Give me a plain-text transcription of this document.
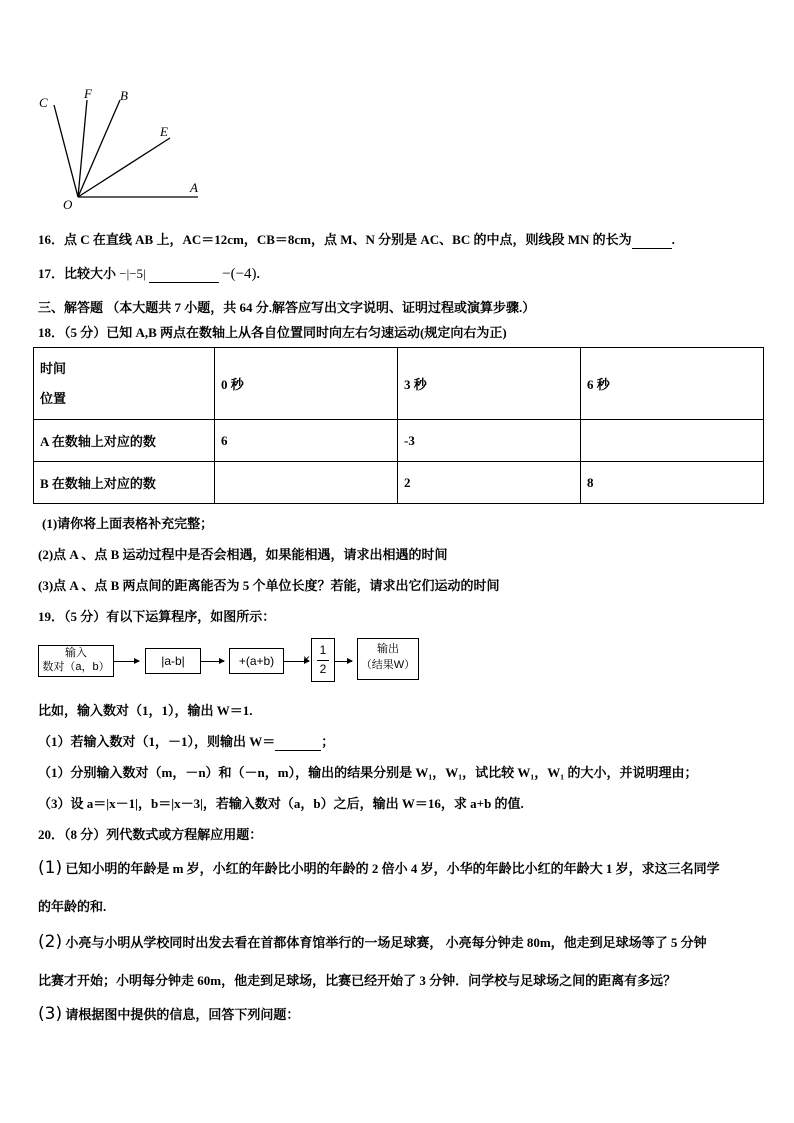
C
F B
E
A
O
16．点 C 在直线 AB 上，AC＝12cm，CB＝8cm，点 M、N 分别是 AC、BC 的中点，则线段 MN 的长为	.
17．比较大小 −|−5|	−(−4).
三、解答题 （本大题共 7 小题，共 64 分.解答应写出文字说明、证明过程或演算步骤.）
18．（5 分）已知 A,B 两点在数轴上从各自位置同时向左右匀速运动(规定向右为正)
时间
位置	0 秒	3 秒	6 秒
A 在数轴上对应的数	6	-3	
B 在数轴上对应的数		2	8
(1)请你将上面表格补充完整；
(2)点 A 、点 B 运动过程中是否会相遇，如果能相遇，请求出相遇的时间
(3)点 A 、点 B 两点间的距离能否为 5 个单位长度？若能，请求出它们运动的时间
19．（5 分）有以下运算程序，如图所示：
输入
数对（a，b）	|a-b|	+(a+b)	×
1
2
输出
（结果W）
比如，输入数对（1，1），输出 W＝1.
（1）若输入数对（1，－1），则输出 W＝	；
（1）分别输入数对（m，－n）和（－n，m），输出的结果分别是 W₁，W₁，试比较 W₁，W₁ 的大小，并说明理由；
（3）设 a＝|x－1|，b＝|x－3|，若输入数对（a，b）之后，输出 W＝16，求 a+b 的值.
20．（8 分）列代数式或方程解应用题：
(1) 已知小明的年龄是 m 岁，小红的年龄比小明的年龄的 2 倍小 4 岁，小华的年龄比小红的年龄大 1 岁，求这三名同学
的年龄的和.
(2) 小亮与小明从学校同时出发去看在首都体育馆举行的一场足球赛， 小亮每分钟走 80m，他走到足球场等了 5 分钟
比赛才开始；小明每分钟走 60m，他走到足球场，比赛已经开始了 3 分钟．问学校与足球场之间的距离有多远？
(3) 请根据图中提供的信息，回答下列问题：
